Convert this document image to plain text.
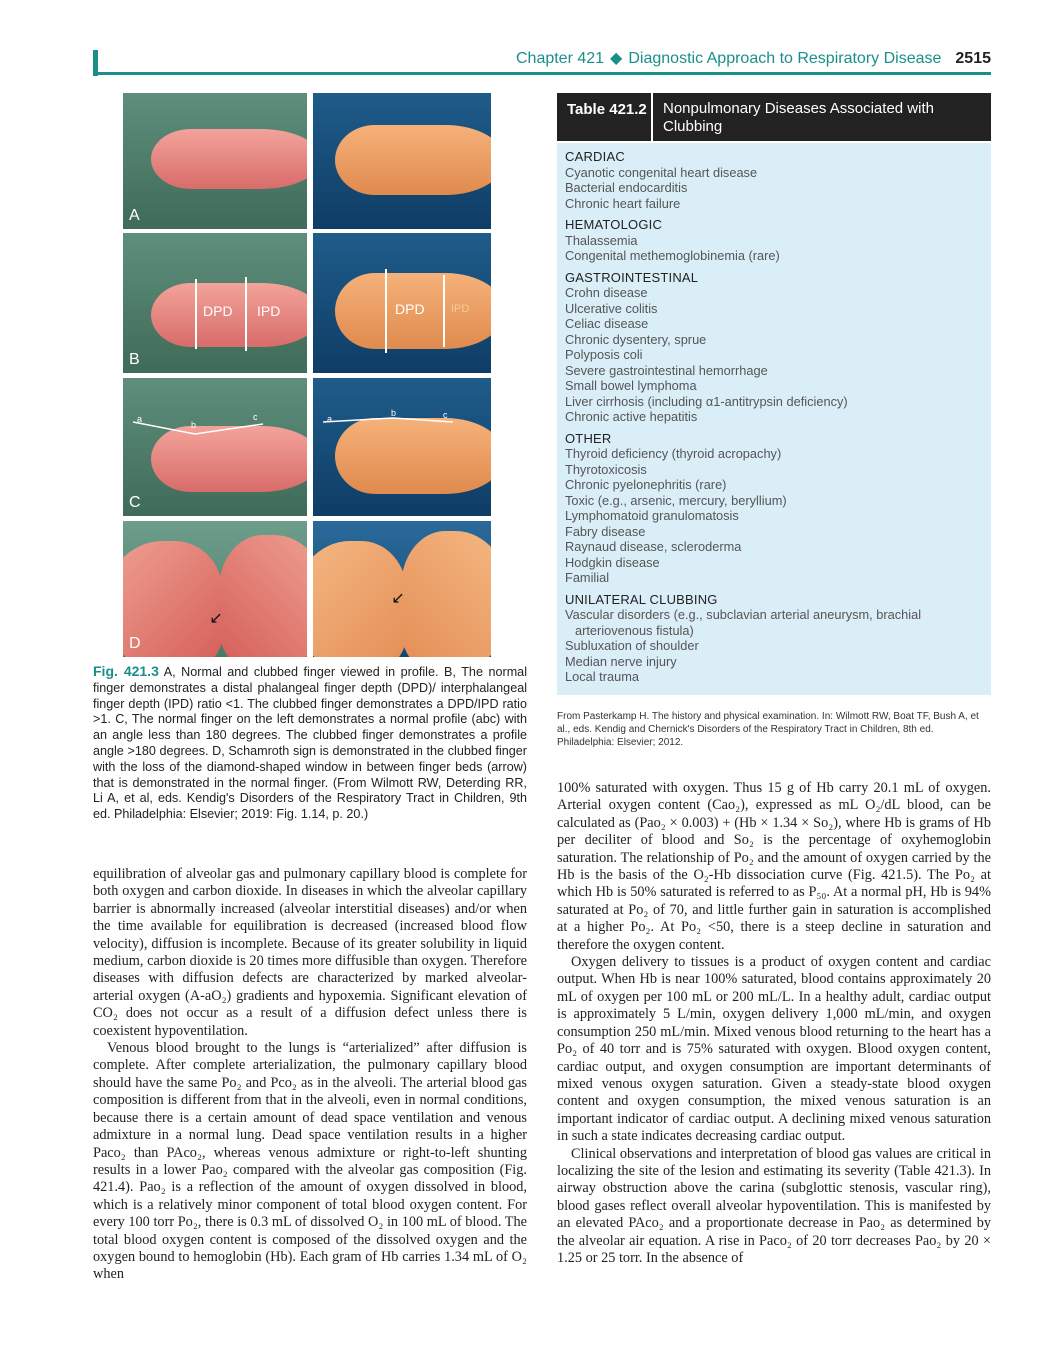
Chapter 421 ◆ Diagnostic Approach to Respiratory Disease 2515
A
DPD IPD
B
DPD IPD
a
b
c
C
a
b	c
↓
D
↓
Fig. 421.3 A, Normal and clubbed finger viewed in profile. B, The normal finger demonstrates a distal phalangeal finger depth (DPD)/ interphalangeal finger depth (IPD) ratio <1. The clubbed finger demonstrates a DPD/IPD ratio >1. C, The normal finger on the left demonstrates a normal profile (abc) with an angle less than 180 degrees. The clubbed finger demonstrates a profile angle >180 degrees. D, Schamroth sign is demonstrated in the clubbed finger with the loss of the diamond-shaped window in between finger beds (arrow) that is demonstrated in the normal finger. (From Wilmott RW, Deterding RR, Li A, et al, eds. Kendig's Disorders of the Respiratory Tract in Children, 9th ed. Philadelphia: Elsevier; 2019: Fig. 1.14, p. 20.)
Table 421.2	Nonpulmonary Diseases Associated with Clubbing
CARDIAC
Cyanotic congenital heart disease
Bacterial endocarditis
Chronic heart failure
HEMATOLOGIC
Thalassemia
Congenital methemoglobinemia (rare)
GASTROINTESTINAL
Crohn disease
Ulcerative colitis
Celiac disease
Chronic dysentery, sprue
Polyposis coli
Severe gastrointestinal hemorrhage
Small bowel lymphoma
Liver cirrhosis (including α1-antitrypsin deficiency)
Chronic active hepatitis
OTHER
Thyroid deficiency (thyroid acropachy)
Thyrotoxicosis
Chronic pyelonephritis (rare)
Toxic (e.g., arsenic, mercury, beryllium)
Lymphomatoid granulomatosis
Fabry disease
Raynaud disease, scleroderma
Hodgkin disease
Familial
UNILATERAL CLUBBING
Vascular disorders (e.g., subclavian arterial aneurysm, brachial
arteriovenous fistula)
Subluxation of shoulder
Median nerve injury
Local trauma
From Pasterkamp H. The history and physical examination. In: Wilmott RW, Boat TF, Bush A, et al., eds. Kendig and Chernick's Disorders of the Respiratory Tract in Children, 8th ed. Philadelphia: Elsevier; 2012.

equilibration of alveolar gas and pulmonary capillary blood is complete for both oxygen and carbon dioxide. In diseases in which the alveolar capillary barrier is abnormally increased (alveolar interstitial diseases) and/or when the time available for equilibration is decreased (increased blood flow velocity), diffusion is incomplete. Because of its greater solubility in liquid medium, carbon dioxide is 20 times more diffusible than oxygen. Therefore diseases with diffusion defects are characterized by marked alveolar-arterial oxygen (A-aO₂) gradients and hypoxemia. Significant elevation of CO₂ does not occur as a result of a diffusion defect unless there is coexistent hypoventilation.

Venous blood brought to the lungs is “arterialized” after diffusion is complete. After complete arterialization, the pulmonary capillary blood should have the same Po₂ and Pco₂ as in the alveoli. The arterial blood gas composition is different from that in the alveoli, even in normal conditions, because there is a certain amount of dead space ventilation and venous admixture in a normal lung. Dead space ventilation results in a higher Paco₂ than PAco₂, whereas venous admixture or right-to-left shunting results in a lower Pao₂ compared with the alveolar gas composition (Fig. 421.4). Pao₂ is a reflection of the amount of oxygen dissolved in blood, which is a relatively minor component of total blood oxygen content. For every 100 torr Po₂, there is 0.3 mL of dissolved O₂ in 100 mL of blood. The total blood oxygen content is composed of the dissolved oxygen and the oxygen bound to hemoglobin (Hb). Each gram of Hb carries 1.34 mL of O₂ when

100% saturated with oxygen. Thus 15 g of Hb carry 20.1 mL of oxygen. Arterial oxygen content (Cao₂), expressed as mL O₂/dL blood, can be calculated as (Pao₂ × 0.003) + (Hb × 1.34 × So₂), where Hb is grams of Hb per deciliter of blood and So₂ is the percentage of oxyhemoglobin saturation. The relationship of Po₂ and the amount of oxygen carried by the Hb is the basis of the O₂-Hb dissociation curve (Fig. 421.5). The Po₂ at which Hb is 50% saturated is referred to as P₅₀. At a normal pH, Hb is 94% saturated at Po₂ of 70, and little further gain in saturation is accomplished at a higher Po₂. At Po₂ <50, there is a steep decline in saturation and therefore the oxygen content.

Oxygen delivery to tissues is a product of oxygen content and cardiac output. When Hb is near 100% saturated, blood contains approximately 20 mL of oxygen per 100 mL or 200 mL/L. In a healthy adult, cardiac output is approximately 5 L/min, oxygen delivery 1,000 mL/min, and oxygen consumption 250 mL/min. Mixed venous blood returning to the heart has a Po₂ of 40 torr and is 75% saturated with oxygen. Blood oxygen content, cardiac output, and oxygen consumption are important determinants of mixed venous oxygen saturation. Given a steady-state blood oxygen content and oxygen consumption, the mixed venous saturation is an important indicator of cardiac output. A declining mixed venous saturation in such a state indicates decreasing cardiac output.

Clinical observations and interpretation of blood gas values are critical in localizing the site of the lesion and estimating its severity (Table 421.3). In airway obstruction above the carina (subglottic stenosis, vascular ring), blood gases reflect overall alveolar hypoventilation. This is manifested by an elevated PAco₂ and a proportionate decrease in Pao₂ as determined by the alveolar air equation. A rise in Paco₂ of 20 torr decreases Pao₂ by 20 × 1.25 or 25 torr. In the absence of
